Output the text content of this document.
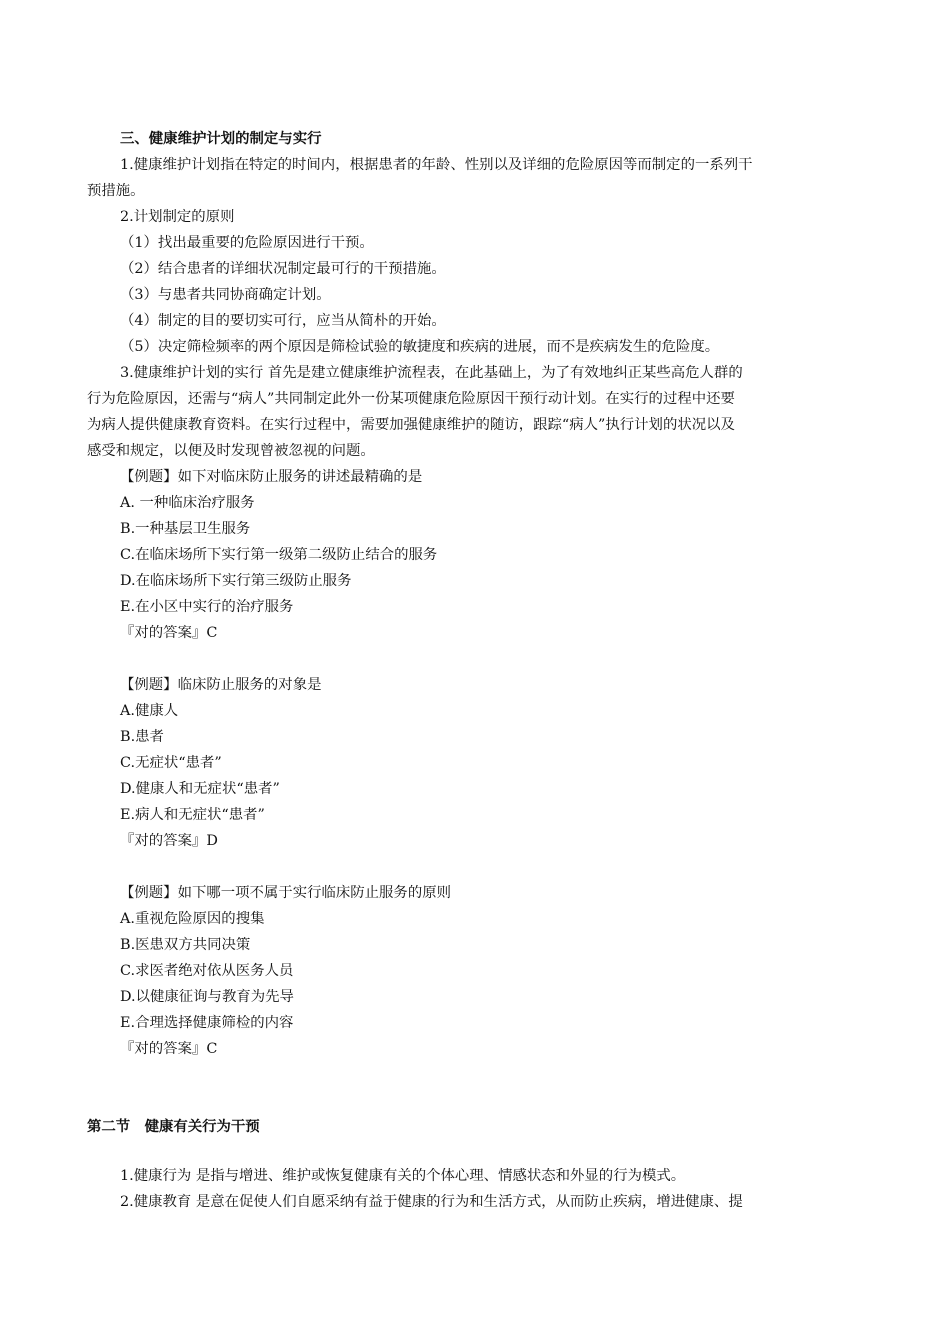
三、健康维护计划的制定与实行
1.健康维护计划指在特定的时间内，根据患者的年龄、性别以及详细的危险原因等而制定的一系列干
预措施。
2.计划制定的原则
（1）找出最重要的危险原因进行干预。
（2）结合患者的详细状况制定最可行的干预措施。
（3）与患者共同协商确定计划。
（4）制定的目的要切实可行，应当从简朴的开始。
（5）决定筛检频率的两个原因是筛检试验的敏捷度和疾病的进展，而不是疾病发生的危险度。
3.健康维护计划的实行 首先是建立健康维护流程表，在此基础上，为了有效地纠正某些高危人群的
行为危险原因，还需与“病人”共同制定此外一份某项健康危险原因干预行动计划。在实行的过程中还要
为病人提供健康教育资料。在实行过程中，需要加强健康维护的随访，跟踪“病人”执行计划的状况以及
感受和规定，以便及时发现曾被忽视的问题。
【例题】如下对临床防止服务的讲述最精确的是
A. 一种临床治疗服务
B.一种基层卫生服务
C.在临床场所下实行第一级第二级防止结合的服务
D.在临床场所下实行第三级防止服务
E.在小区中实行的治疗服务
『对的答案』C
【例题】临床防止服务的对象是
A.健康人
B.患者
C.无症状“患者”
D.健康人和无症状“患者”
E.病人和无症状“患者”
『对的答案』D
【例题】如下哪一项不属于实行临床防止服务的原则
A.重视危险原因的搜集
B.医患双方共同决策
C.求医者绝对依从医务人员
D.以健康征询与教育为先导
E.合理选择健康筛检的内容
『对的答案』C
第二节　健康有关行为干预
1.健康行为 是指与增进、维护或恢复健康有关的个体心理、情感状态和外显的行为模式。
2.健康教育 是意在促使人们自愿采纳有益于健康的行为和生活方式，从而防止疾病，增进健康、提
